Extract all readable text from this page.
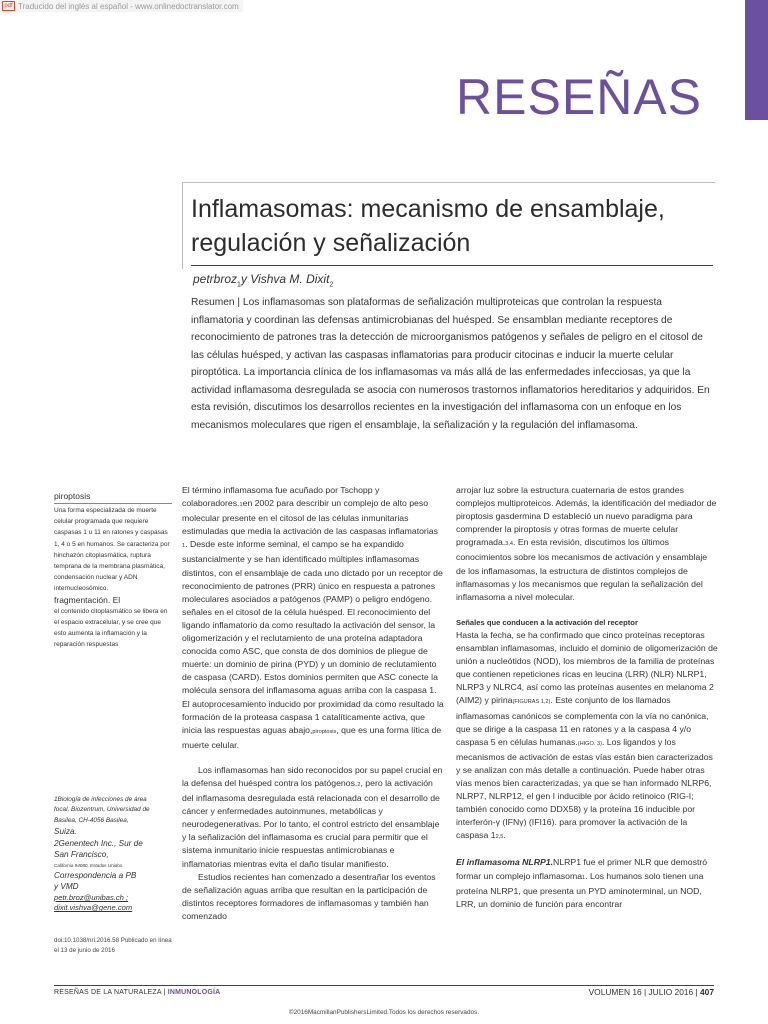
pdf Traducido del inglés al español - www.onlinedoctranslator.com
RESEÑAS
Inflamasomas: mecanismo de ensamblaje, regulación y señalización
petrbroz$_1$y Vishva M. Dixit$_2$
Resumen | Los inflamasomas son plataformas de señalización multiproteicas que controlan la respuesta inflamatoria y coordinan las defensas antimicrobianas del huésped. Se ensamblan mediante receptores de reconocimiento de patrones tras la detección de microorganismos patógenos y señales de peligro en el citosol de las células huésped, y activan las caspasas inflamatorias para producir citocinas e inducir la muerte celular piroptótica. La importancia clínica de los inflamasomas va más allá de las enfermedades infecciosas, ya que la actividad inflamasoma desregulada se asocia con numerosos trastornos inflamatorios hereditarios y adquiridos. En esta revisión, discutimos los desarrollos recientes en la investigación del inflamasoma con un enfoque en los mecanismos moleculares que rigen el ensamblaje, la señalización y la regulación del inflamasoma.
piroptosis
Una forma especializada de muerte celular programada que requiere caspasas 1 u 11 en ratones y caspasas 1, 4 o 5 en humanos. Se caracteriza por hinchazón citoplasmática, ruptura temprana de la membrana plasmática, condensación nuclear y ADN internucleosómico.
fragmentación. El
el contenido citoplasmático se libera en el espacio extracelular, y se cree que esto aumenta la inflamación y la reparación respuestas
1Biología de infecciones de área
focal, Biozentrum, Universidad de
Basilea, CH-4056 Basilea,
Suiza.
2Genentech Inc., Sur de
San Francisco,
California 94080, Estados Unidos.
Correspondencia a PB
y VMD
petr.broz@unibas.ch ;
dixit.vishva@gene.com
doi:10.1038/nri.2016.58 Publicado en línea el 13 de junio de 2016

El término inflamasoma fue acuñado por Tschopp y colaboradores.1en 2002 para describir un complejo de alto peso molecular presente en el citosol de las células inmunitarias estimuladas que media la activación de las caspasas inflamatorias 1. Desde este informe seminal, el campo se ha expandido sustancialmente y se han identificado múltiples inflamasomas distintos, con el ensamblaje de cada uno dictado por un receptor de reconocimiento de patrones (PRR) único en respuesta a patrones moleculares asociados a patógenos (PAMP) o peligro endógeno. señales en el citosol de la célula huésped. El reconocimiento del ligando inflamatorio da como resultado la activación del sensor, la oligomerización y el reclutamiento de una proteína adaptadora conocida como ASC, que consta de dos dominios de pliegue de muerte: un dominio de pirina (PYD) y un dominio de reclutamiento de caspasa (CARD). Estos dominios permiten que ASC conecte la molécula sensora del inflamasoma aguas arriba con la caspasa 1. El autoprocesamiento inducido por proximidad da como resultado la formación de la proteasa caspasa 1 catalíticamente activa, que inicia las respuestas aguas abajo,piroptosis, que es una forma lítica de muerte celular.

Los inflamasomas han sido reconocidos por su papel crucial en la defensa del huésped contra los patógenos.2, pero la activación del inflamasoma desregulada está relacionada con el desarrollo de cáncer y enfermedades autoinmunes, metabólicas y neurodegenerativas. Por lo tanto, el control estricto del ensamblaje y la señalización del inflamasoma es crucial para permitir que el sistema inmunitario inicie respuestas antimicrobianas e inflamatorias mientras evita el daño tisular manifiesto.

Estudios recientes han comenzado a desentrañar los eventos de señalización aguas arriba que resultan en la participación de distintos receptores formadores de inflamasomas y también han comenzado

arrojar luz sobre la estructura cuaternaria de estos grandes complejos multiproteicos. Además, la identificación del mediador de piroptosis gasdermina D estableció un nuevo paradigma para comprender la piroptosis y otras formas de muerte celular programada.3,4. En esta revisión, discutimos los últimos conocimientos sobre los mecanismos de activación y ensamblaje de los inflamasomas, la estructura de distintos complejos de inflamasomas y los mecanismos que regulan la señalización del inflamasoma a nivel molecular.

Señales que conducen a la activación del receptor

Hasta la fecha, se ha confirmado que cinco proteínas receptoras ensamblan inflamasomas, incluido el dominio de oligomerización de unión a nucleótidos (NOD), los miembros de la familia de proteínas que contienen repeticiones ricas en leucina (LRR) (NLR) NLRP1, NLRP3 y NLRC4, así como las proteínas ausentes en melanoma 2 (AIM2) y pirina(FIGURAS 1,2). Este conjunto de los llamados inflamasomas canónicos se complementa con la vía no canónica, que se dirige a la caspasa 11 en ratones y a la caspasa 4 y/o caspasa 5 en células humanas.(HIGO. 3). Los ligandos y los mecanismos de activación de estas vías están bien caracterizados y se analizan con más detalle a continuación. Puede haber otras vías menos bien caracterizadas, ya que se han informado NLRP6, NLRP7, NLRP12, el gen I inducible por ácido retinoico (RIG-I; también conocido como DDX58) y la proteína 16 inducible por interferón-γ (IFNγ) (IFI16). para promover la activación de la caspasa 12,5.

El inflamasoma NLRP1.NLRP1 fue el primer NLR que demostró formar un complejo inflamasoma1. Los humanos solo tienen una proteína NLRP1, que presenta un PYD aminoterminal, un NOD, LRR, un dominio de función para encontrar

RESEÑAS DE LA NATURALEZA | INMUNOLOGÍA	VOLUMEN 16 | JULIO 2016 | 407
©2016MacmillanPublishersLimited.Todos los derechos reservados.
